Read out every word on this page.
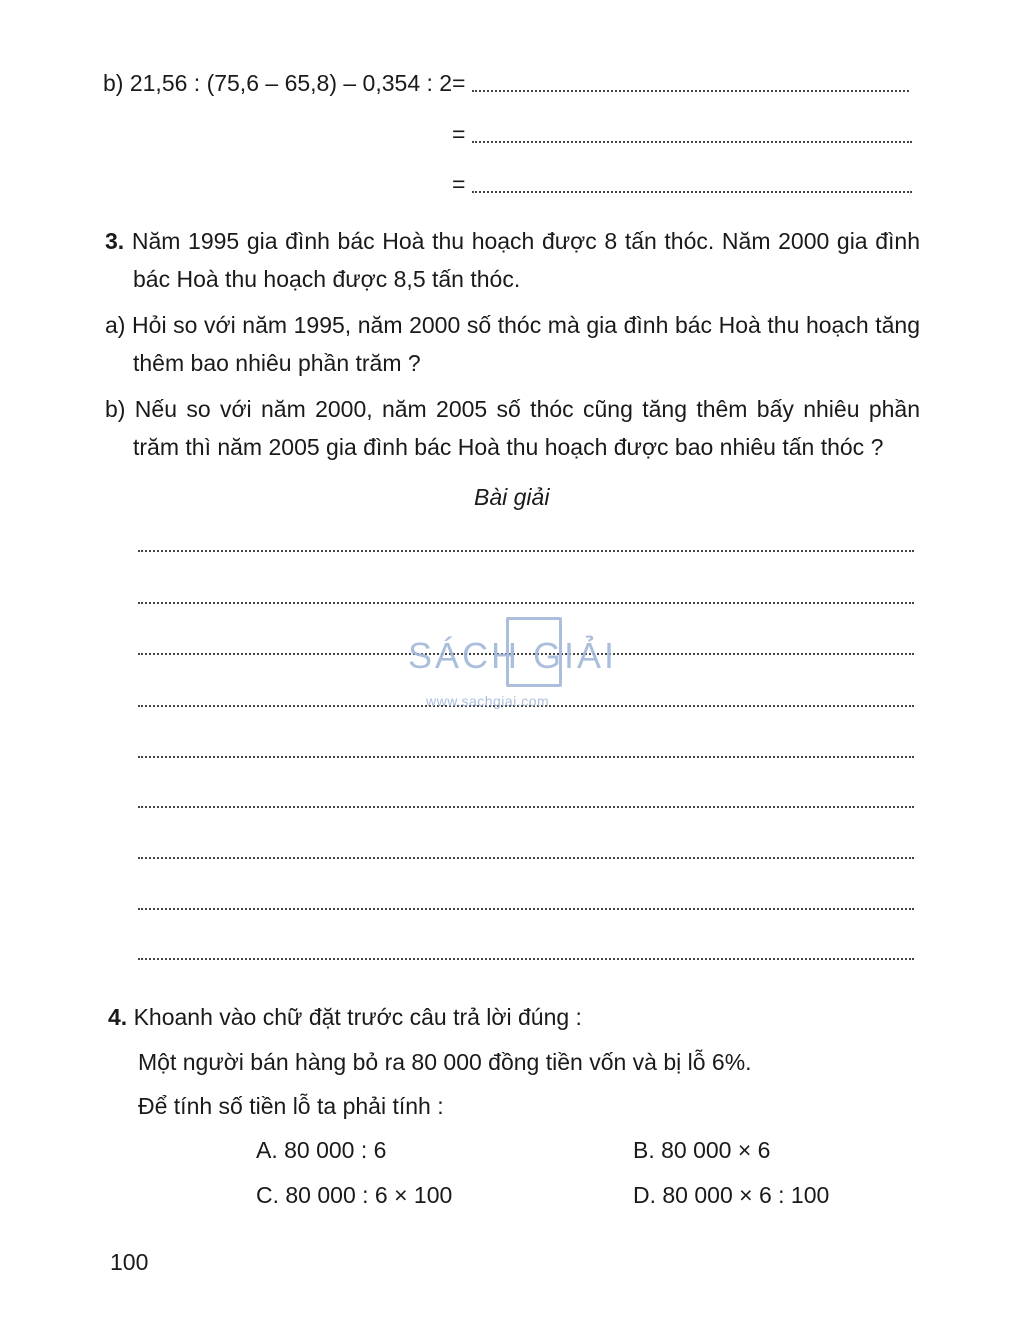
b) 21,56 : (75,6 – 65,8) – 0,354 : 2 =
=
=
3. Năm 1995 gia đình bác Hoà thu hoạch được 8 tấn thóc. Năm 2000 gia đình bác Hoà thu hoạch được 8,5 tấn thóc.
a) Hỏi so với năm 1995, năm 2000 số thóc mà gia đình bác Hoà thu hoạch tăng thêm bao nhiêu phần trăm ?
b) Nếu so với năm 2000, năm 2005 số thóc cũng tăng thêm bấy nhiêu phần trăm thì năm 2005 gia đình bác Hoà thu hoạch được bao nhiêu tấn thóc ?
Bài giải
SÁCH GIẢI
www.sachgiai.com
4. Khoanh vào chữ đặt trước câu trả lời đúng :
Một người bán hàng bỏ ra 80 000 đồng tiền vốn và bị lỗ 6%.
Để tính số tiền lỗ ta phải tính :
A. 80 000 : 6	B. 80 000 × 6
C. 80 000 : 6 × 100	D. 80 000 × 6 : 100
100
